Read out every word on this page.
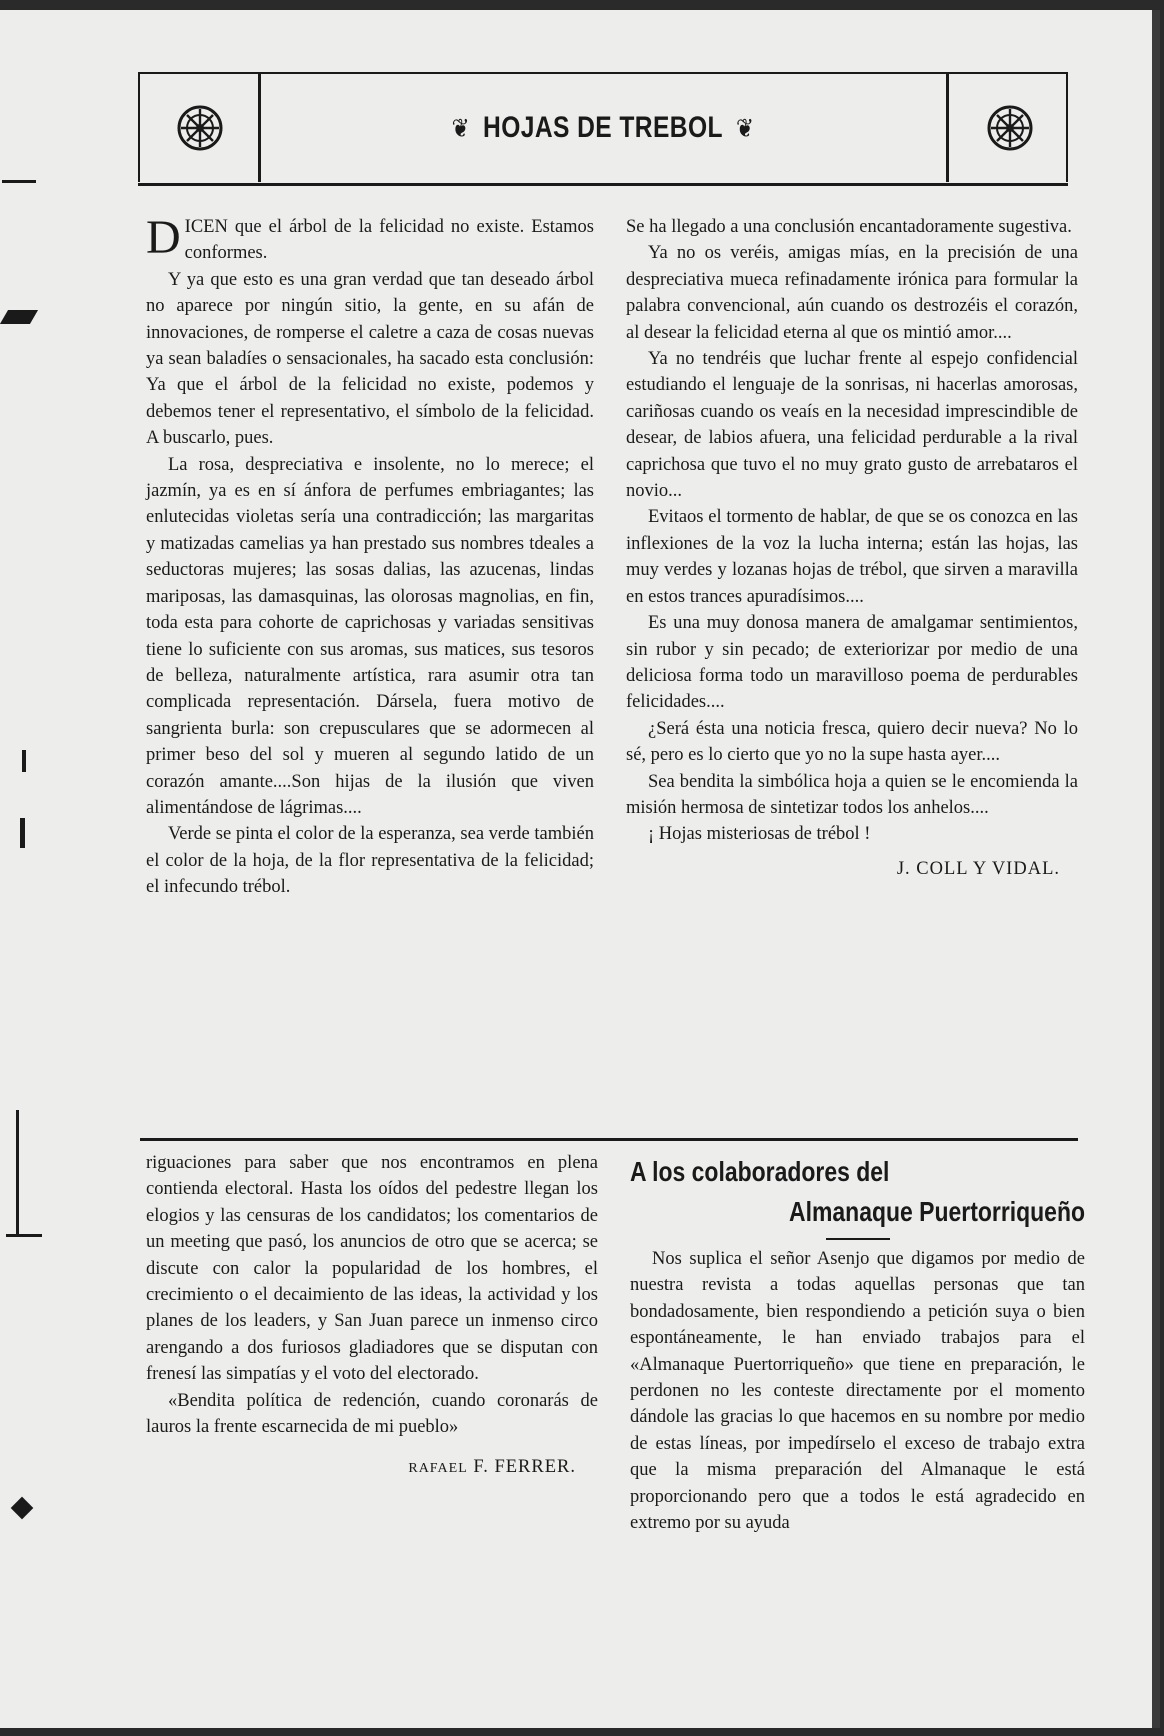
❦ HOJAS DE TREBOL ❦

DICEN que el árbol de la felicidad no existe. Estamos conformes.

Y ya que esto es una gran verdad que tan deseado árbol no aparece por ningún sitio, la gente, en su afán de innovaciones, de romperse el caletre a caza de cosas nuevas ya sean baladíes o sensacionales, ha sacado esta conclusión: Ya que el árbol de la felicidad no existe, podemos y debemos tener el representativo, el símbolo de la felicidad. A buscarlo, pues.

La rosa, despreciativa e insolente, no lo merece; el jazmín, ya es en sí ánfora de perfumes embriagantes; las enlutecidas violetas sería una contradicción; las margaritas y matizadas camelias ya han prestado sus nombres tdeales a seductoras mujeres; las sosas dalias, las azucenas, lindas mariposas, las damasquinas, las olorosas magnolias, en fin, toda esta para cohorte de caprichosas y variadas sensitivas tiene lo suficiente con sus aromas, sus matices, sus tesoros de belleza, naturalmente artística, rara asumir otra tan complicada representación. Dársela, fuera motivo de sangrienta burla: son crepusculares que se adormecen al primer beso del sol y mueren al segundo latido de un corazón amante....Son hijas de la ilusión que viven alimentándose de lágrimas....

Verde se pinta el color de la esperanza, sea verde también el color de la hoja, de la flor representativa de la felicidad; el infecundo trébol.

Se ha llegado a una conclusión encantadoramente sugestiva.

Ya no os veréis, amigas mías, en la precisión de una despreciativa mueca refinadamente irónica para formular la palabra convencional, aún cuando os destrozéis el corazón, al desear la felicidad eterna al que os mintió amor....

Ya no tendréis que luchar frente al espejo confidencial estudiando el lenguaje de la sonrisas, ni hacerlas amorosas, cariñosas cuando os veaís en la necesidad imprescindible de desear, de labios afuera, una felicidad perdurable a la rival caprichosa que tuvo el no muy grato gusto de arrebataros el novio...

Evitaos el tormento de hablar, de que se os conozca en las inflexiones de la voz la lucha interna; están las hojas, las muy verdes y lozanas hojas de trébol, que sirven a maravilla en estos trances apuradísimos....

Es una muy donosa manera de amalgamar sentimientos, sin rubor y sin pecado; de exteriorizar por medio de una deliciosa forma todo un maravilloso poema de perdurables felicidades....

¿Será ésta una noticia fresca, quiero decir nueva? No lo sé, pero es lo cierto que yo no la supe hasta ayer....

Sea bendita la simbólica hoja a quien se le encomienda la misión hermosa de sintetizar todos los anhelos....

¡ Hojas misteriosas de trébol !

J. COLL Y VIDAL.

riguaciones para saber que nos encontramos en plena contienda electoral. Hasta los oídos del pedestre llegan los elogios y las censuras de los candidatos; los comentarios de un meeting que pasó, los anuncios de otro que se acerca; se discute con calor la popularidad de los hombres, el crecimiento o el decaimiento de las ideas, la actividad y los planes de los leaders, y San Juan parece un inmenso circo arengando a dos furiosos gladiadores que se disputan con frenesí las simpatías y el voto del electorado.

«Bendita política de redención, cuando coronarás de lauros la frente escarnecida de mi pueblo»

RAFAEL F. FERRER.
A los colaboradores del
Almanaque Puertorriqueño

Nos suplica el señor Asenjo que digamos por medio de nuestra revista a todas aquellas personas que tan bondadosamente, bien respondiendo a petición suya o bien espontáneamente, le han enviado trabajos para el «Almanaque Puertorriqueño» que tiene en preparación, le perdonen no les conteste directamente por el momento dándole las gracias lo que hacemos en su nombre por medio de estas líneas, por impedírselo el exceso de trabajo extra que la misma preparación del Almanaque le está proporcionando pero que a todos le está agradecido en extremo por su ayuda
